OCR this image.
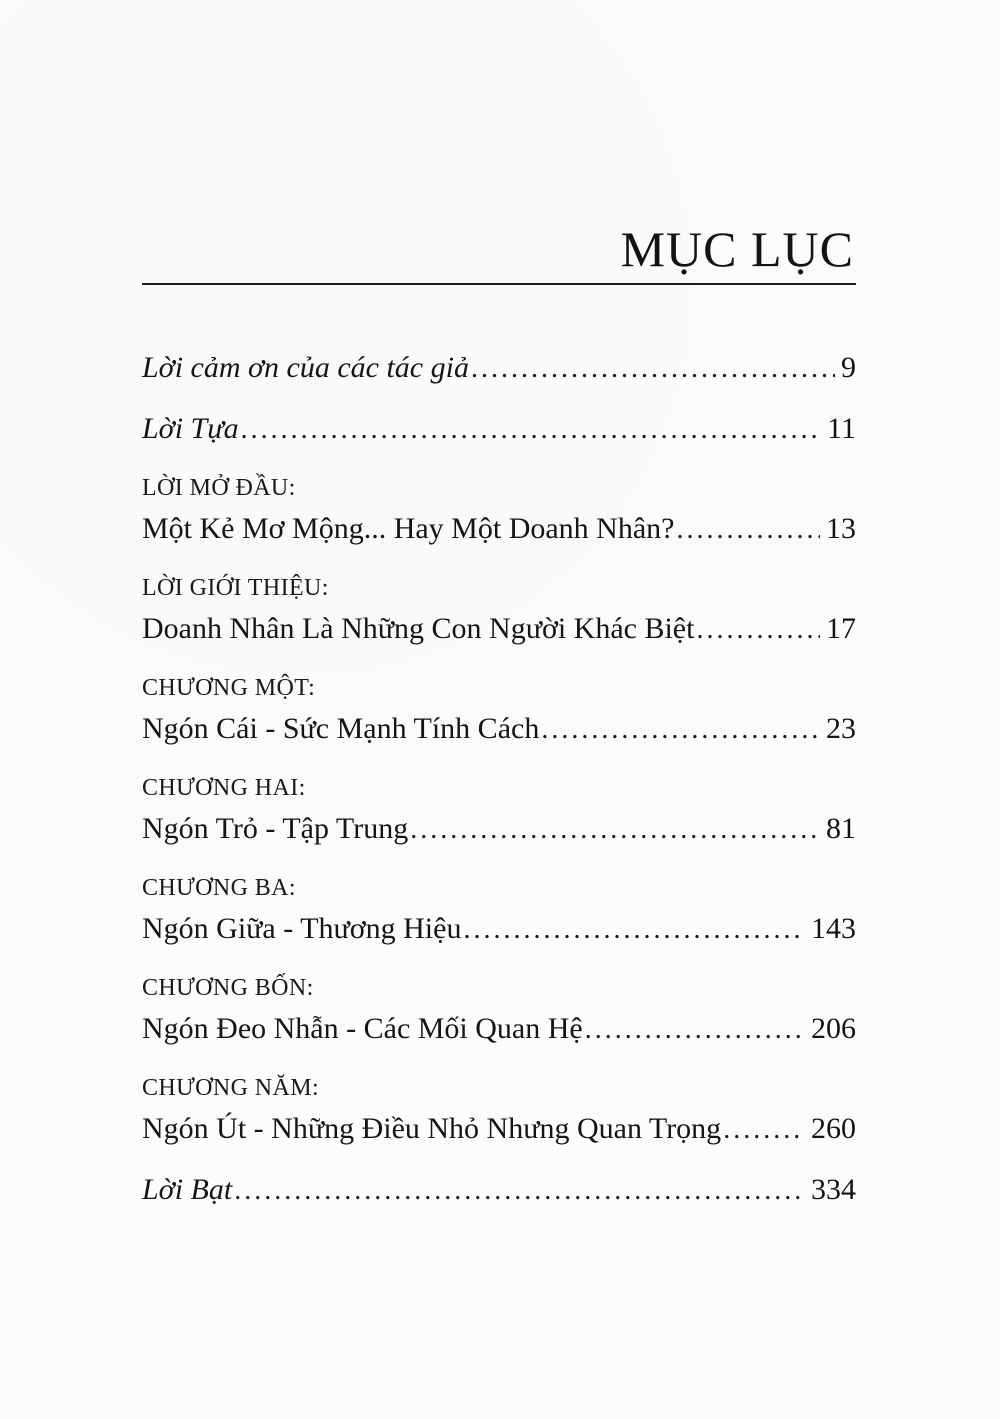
MỤC LỤC
Lời cảm ơn của các tác giả .....	9
Lời Tựa .....	11
LỜI MỞ ĐẦU:
Một Kẻ Mơ Mộng... Hay Một Doanh Nhân? .....	13
LỜI GIỚI THIỆU:
Doanh Nhân Là Những Con Người Khác Biệt .....	17
CHƯƠNG MỘT:
Ngón Cái - Sức Mạnh Tính Cách .....	23
CHƯƠNG HAI:
Ngón Trỏ - Tập Trung .....	81
CHƯƠNG BA:
Ngón Giữa - Thương Hiệu .....	143
CHƯƠNG BỐN:
Ngón Đeo Nhẫn - Các Mối Quan Hệ .....	206
CHƯƠNG NĂM:
Ngón Út - Những Điều Nhỏ Nhưng Quan Trọng .....	260
Lời Bạt .....	334
